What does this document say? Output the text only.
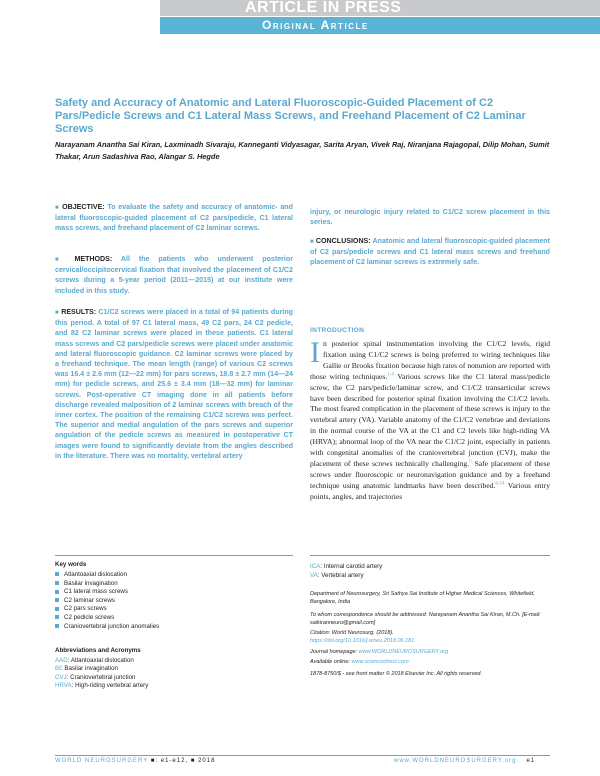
ARTICLE IN PRESS
Original Article
Safety and Accuracy of Anatomic and Lateral Fluoroscopic-Guided Placement of C2 Pars/Pedicle Screws and C1 Lateral Mass Screws, and Freehand Placement of C2 Laminar Screws
Narayanam Anantha Sai Kiran, Laxminadh Sivaraju, Kanneganti Vidyasagar, Sarita Aryan, Vivek Raj, Niranjana Rajagopal, Dilip Mohan, Sumit Thakar, Arun Sadashiva Rao, Alangar S. Hegde
■ OBJECTIVE: To evaluate the safety and accuracy of anatomic- and lateral fluoroscopic-guided placement of C2 pars/pedicle, C1 lateral mass screws, and freehand placement of C2 laminar screws.
■ METHODS: All the patients who underwent posterior cervical/occipitocervical fixation that involved the placement of C1/C2 screws during a 5-year period (2011—2015) at our institute were included in this study.
■ RESULTS: C1/C2 screws were placed in a total of 94 patients during this period. A total of 97 C1 lateral mass, 49 C2 pars, 24 C2 pedicle, and 82 C2 laminar screws were placed in these patients. C1 lateral mass screws and C2 pars/pedicle screws were placed under anatomic and lateral fluoroscopic guidance. C2 laminar screws were placed by a freehand technique. The mean length (range) of various C2 screws was 16.4 ± 2.6 mm (12—22 mm) for pars screws, 18.8 ± 2.7 mm (14—24 mm) for pedicle screws, and 25.6 ± 3.4 mm (18—32 mm) for laminar screws. Post-operative CT imaging done in all patients before discharge revealed malposition of 2 laminar screws with breach of the inner cortex. The position of the remaining C1/C2 screws was perfect. The superior and medial angulation of the pars screws and superior angulation of the pedicle screws as measured in postoperative CT images were found to significantly deviate from the angles described in the literature. There was no mortality, vertebral artery
injury, or neurologic injury related to C1/C2 screw placement in this series.
■ CONCLUSIONS: Anatomic and lateral fluoroscopic-guided placement of C2 pars/pedicle screws and C1 lateral mass screws and freehand placement of C2 laminar screws is extremely safe.
INTRODUCTION
In posterior spinal instrumentation involving the C1/C2 levels, rigid fixation using C1/C2 screws is being preferred to wiring techniques like Gallie or Brooks fixation because high rates of nonunion are reported with those wiring techniques.$^{1-4}$ Various screws like the C1 lateral mass/pedicle screw, the C2 pars/pedicle/laminar screw, and C1/C2 transarticular screws have been described for posterior spinal fixation involving the C1/C2 levels. The most feared complication in the placement of these screws is injury to the vertebral artery (VA). Variable anatomy of the C1/C2 vertebrae and deviations in the normal course of the VA at the C1 and C2 levels like high-riding VA (HRVA); abnormal loop of the VA near the C1/C2 joint, especially in patients with congenital anomalies of the craniovertebral junction (CVJ), make the placement of these screws technically challenging.$^5$ Safe placement of these screws under fluoroscopic or neuronavigation guidance and by a freehand technique using anatomic landmarks have been described.$^{6-14}$ Various entry points, angles, and trajectories
Key words
Atlantoaxial dislocation
Basilar invagination
C1 lateral mass screws
C2 laminar screws
C2 pars screws
C2 pedicle screws
Craniovertebral junction anomalies
Abbreviations and Acronyms
AAD: Atlantoaxial dislocation
BI: Basilar invagination
CVJ: Craniovertebral junction
HRVA: High-riding vertebral artery
ICA: Internal carotid artery
VA: Vertebral artery

Department of Neurosurgery, Sri Sathya Sai Institute of Higher Medical Sciences, Whitefield, Bangalore, India

To whom correspondence should be addressed: Narayanam Anantha Sai Kiran, M.Ch. [E-mail: saikiranneuro@gmail.com]

Citation: World Neurosurg. (2018).
https://doi.org/10.1016/j.wneu.2018.06.181

Journal homepage: www.WORLDNEUROSURGERY.org

Available online: www.sciencedirect.com

1878-8750/$ - see front matter © 2018 Elsevier Inc. All rights reserved.

WORLD NEUROSURGERY ■: e1-e12, ■ 2018	www.WORLDNEUROSURGERY.org e1
